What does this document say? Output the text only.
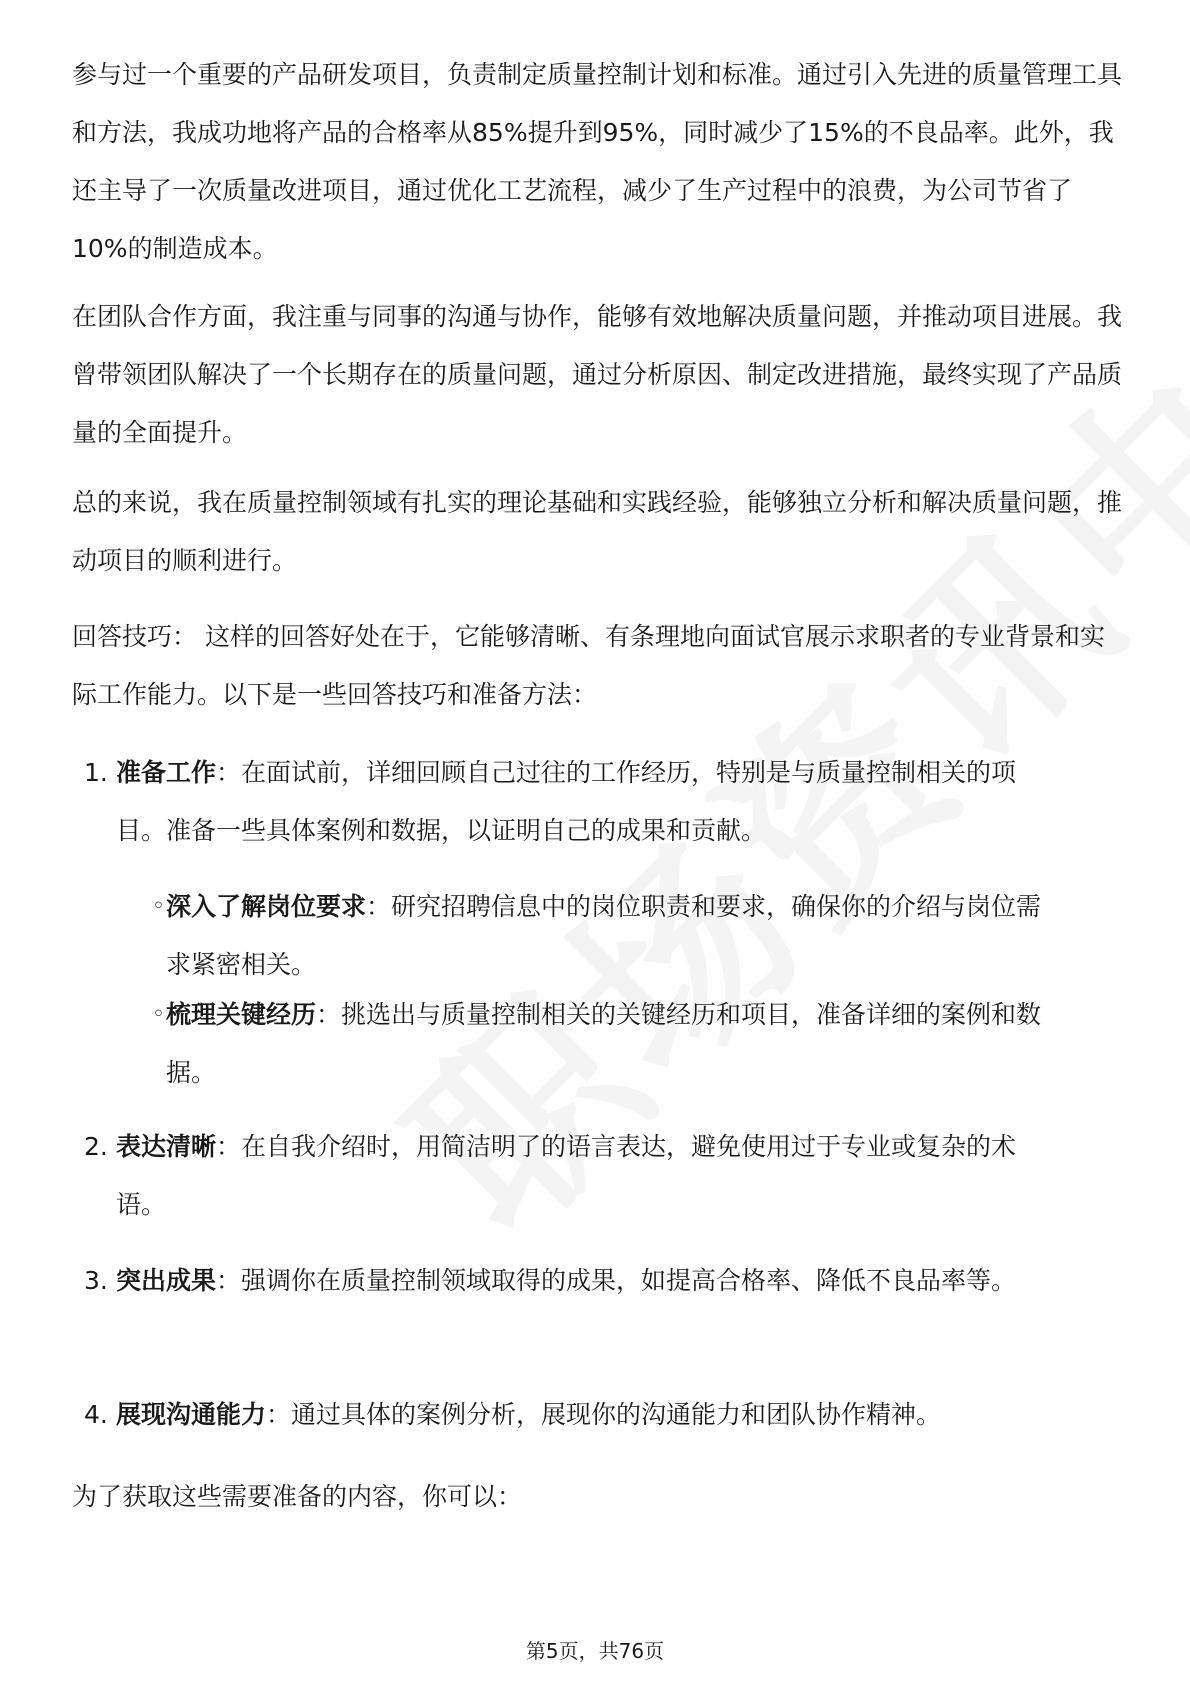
参与过一个重要的产品研发项目，负责制定质量控制计划和标准。通过引入先进的质量管理工具和方法，我成功地将产品的合格率从85%提升到95%，同时减少了15%的不良品率。此外，我还主导了一次质量改进项目，通过优化工艺流程，减少了生产过程中的浪费，为公司节省了10%的制造成本。

在团队合作方面，我注重与同事的沟通与协作，能够有效地解决质量问题，并推动项目进展。我曾带领团队解决了一个长期存在的质量问题，通过分析原因、制定改进措施，最终实现了产品质量的全面提升。

总的来说，我在质量控制领域有扎实的理论基础和实践经验，能够独立分析和解决质量问题，推动项目的顺利进行。

回答技巧： 这样的回答好处在于，它能够清晰、有条理地向面试官展示求职者的专业背景和实际工作能力。以下是一些回答技巧和准备方法：

1. 准备工作：在面试前，详细回顾自己过往的工作经历，特别是与质量控制相关的项目。准备一些具体案例和数据，以证明自己的成果和贡献。

◦ 深入了解岗位要求：研究招聘信息中的岗位职责和要求，确保你的介绍与岗位需求紧密相关。

◦ 梳理关键经历：挑选出与质量控制相关的关键经历和项目，准备详细的案例和数据。

2. 表达清晰：在自我介绍时，用简洁明了的语言表达，避免使用过于专业或复杂的术语。

3. 突出成果：强调你在质量控制领域取得的成果，如提高合格率、降低不良品率等。

4. 展现沟通能力：通过具体的案例分析，展现你的沟通能力和团队协作精神。

为了获取这些需要准备的内容，你可以：

第5页，共76页
